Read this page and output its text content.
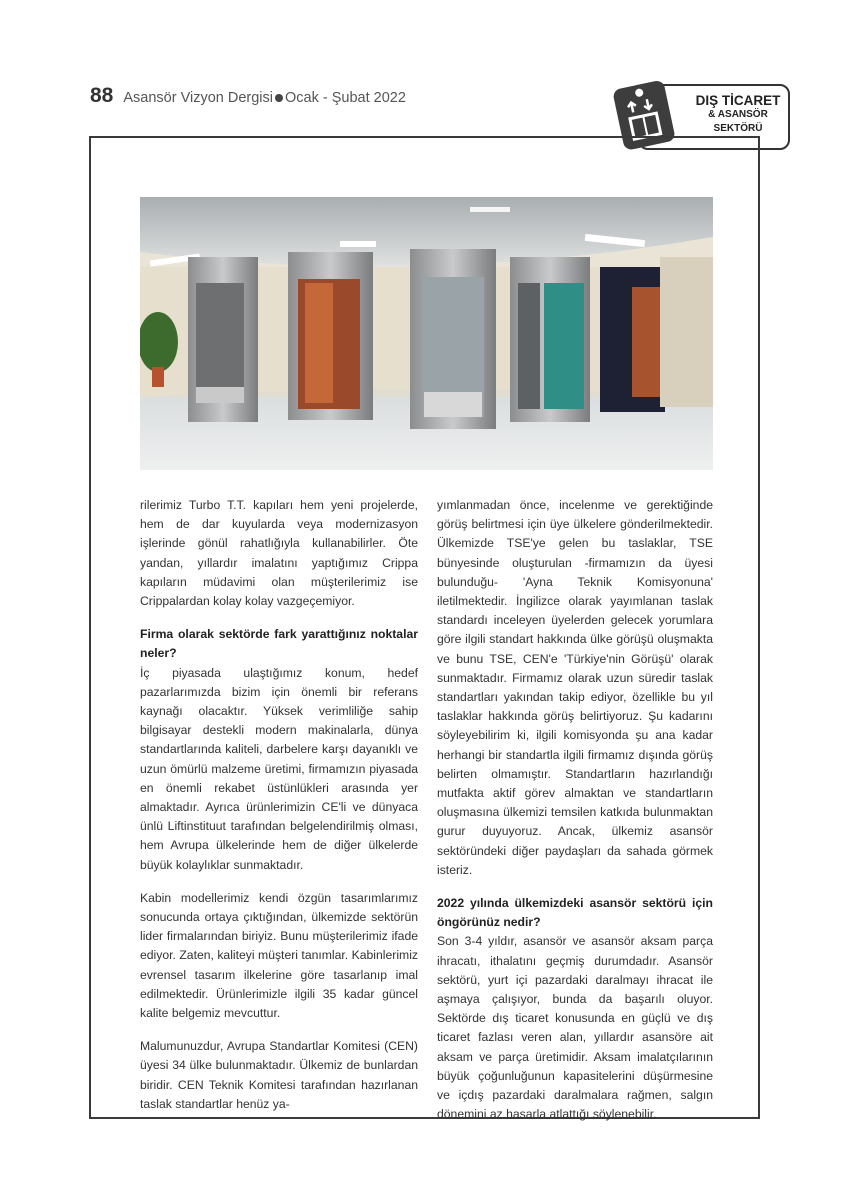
88 Asansör Vizyon Dergisi Ocak - Şubat 2022	DIŞ TİCARET
& ASANSÖR
SEKTÖRÜ

rilerimiz Turbo T.T. kapıları hem yeni projelerde, hem de dar kuyularda veya modernizasyon işlerinde gönül rahatlığıyla kullanabilirler. Öte yandan, yıllardır imalatını yaptığımız Crippa kapıların müdavimi olan müşterilerimiz ise Crippalardan kolay kolay vazgeçemiyor.

Firma olarak sektörde fark yarattığınız noktalar neler?

İç piyasada ulaştığımız konum, hedef pazarlarımızda bizim için önemli bir referans kaynağı olacaktır. Yüksek verimliliğe sahip bilgisayar destekli modern makinalarla, dünya standartlarında kaliteli, darbelere karşı dayanıklı ve uzun ömürlü malzeme üretimi, firmamızın piyasada en önemli rekabet üstünlükleri arasında yer almaktadır. Ayrıca ürünlerimizin CE'li ve dünyaca ünlü Liftinstituut tarafından belgelendirilmiş olması, hem Avrupa ülkelerinde hem de diğer ülkelerde büyük kolaylıklar sunmaktadır.

Kabin modellerimiz kendi özgün tasarımlarımız sonucunda ortaya çıktığından, ülkemizde sektörün lider firmalarından biriyiz. Bunu müşterilerimiz ifade ediyor. Zaten, kaliteyi müşteri tanımlar. Kabinlerimiz evrensel tasarım ilkelerine göre tasarlanıp imal edilmektedir. Ürünlerimizle ilgili 35 kadar güncel kalite belgemiz mevcuttur.

Malumunuzdur, Avrupa Standartlar Komitesi (CEN) üyesi 34 ülke bulunmaktadır. Ülkemiz de bunlardan biridir. CEN Teknik Komitesi tarafından hazırlanan taslak standartlar henüz ya-

yımlanmadan önce, incelenme ve gerektiğinde görüş belirtmesi için üye ülkelere gönderilmektedir. Ülkemizde TSE'ye gelen bu taslaklar, TSE bünyesinde oluşturulan -firmamızın da üyesi bulunduğu- 'Ayna Teknik Komisyonuna' iletilmektedir. İngilizce olarak yayımlanan taslak standardı inceleyen üyelerden gelecek yorumlara göre ilgili standart hakkında ülke görüşü oluşmakta ve bunu TSE, CEN'e 'Türkiye'nin Görüşü' olarak sunmaktadır. Firmamız olarak uzun süredir taslak standartları yakından takip ediyor, özellikle bu yıl taslaklar hakkında görüş belirtiyoruz. Şu kadarını söyleyebilirim ki, ilgili komisyonda şu ana kadar herhangi bir standartla ilgili firmamız dışında görüş belirten olmamıştır. Standartların hazırlandığı mutfakta aktif görev almaktan ve standartların oluşmasına ülkemizi temsilen katkıda bulunmaktan gurur duyuyoruz. Ancak, ülkemiz asansör sektöründeki diğer paydaşları da sahada görmek isteriz.

2022 yılında ülkemizdeki asansör sektörü için öngörünüz nedir?

Son 3-4 yıldır, asansör ve asansör aksam parça ihracatı, ithalatını geçmiş durumdadır. Asansör sektörü, yurt içi pazardaki daralmayı ihracat ile aşmaya çalışıyor, bunda da başarılı oluyor. Sektörde dış ticaret konusunda en güçlü ve dış ticaret fazlası veren alan, yıllardır asansöre ait aksam ve parça üretimidir. Aksam imalatçılarının büyük çoğunluğunun kapasitelerini düşürmesine ve içdış pazardaki daralmalara rağmen, salgın dönemini az hasarla atlattığı söylenebilir.
